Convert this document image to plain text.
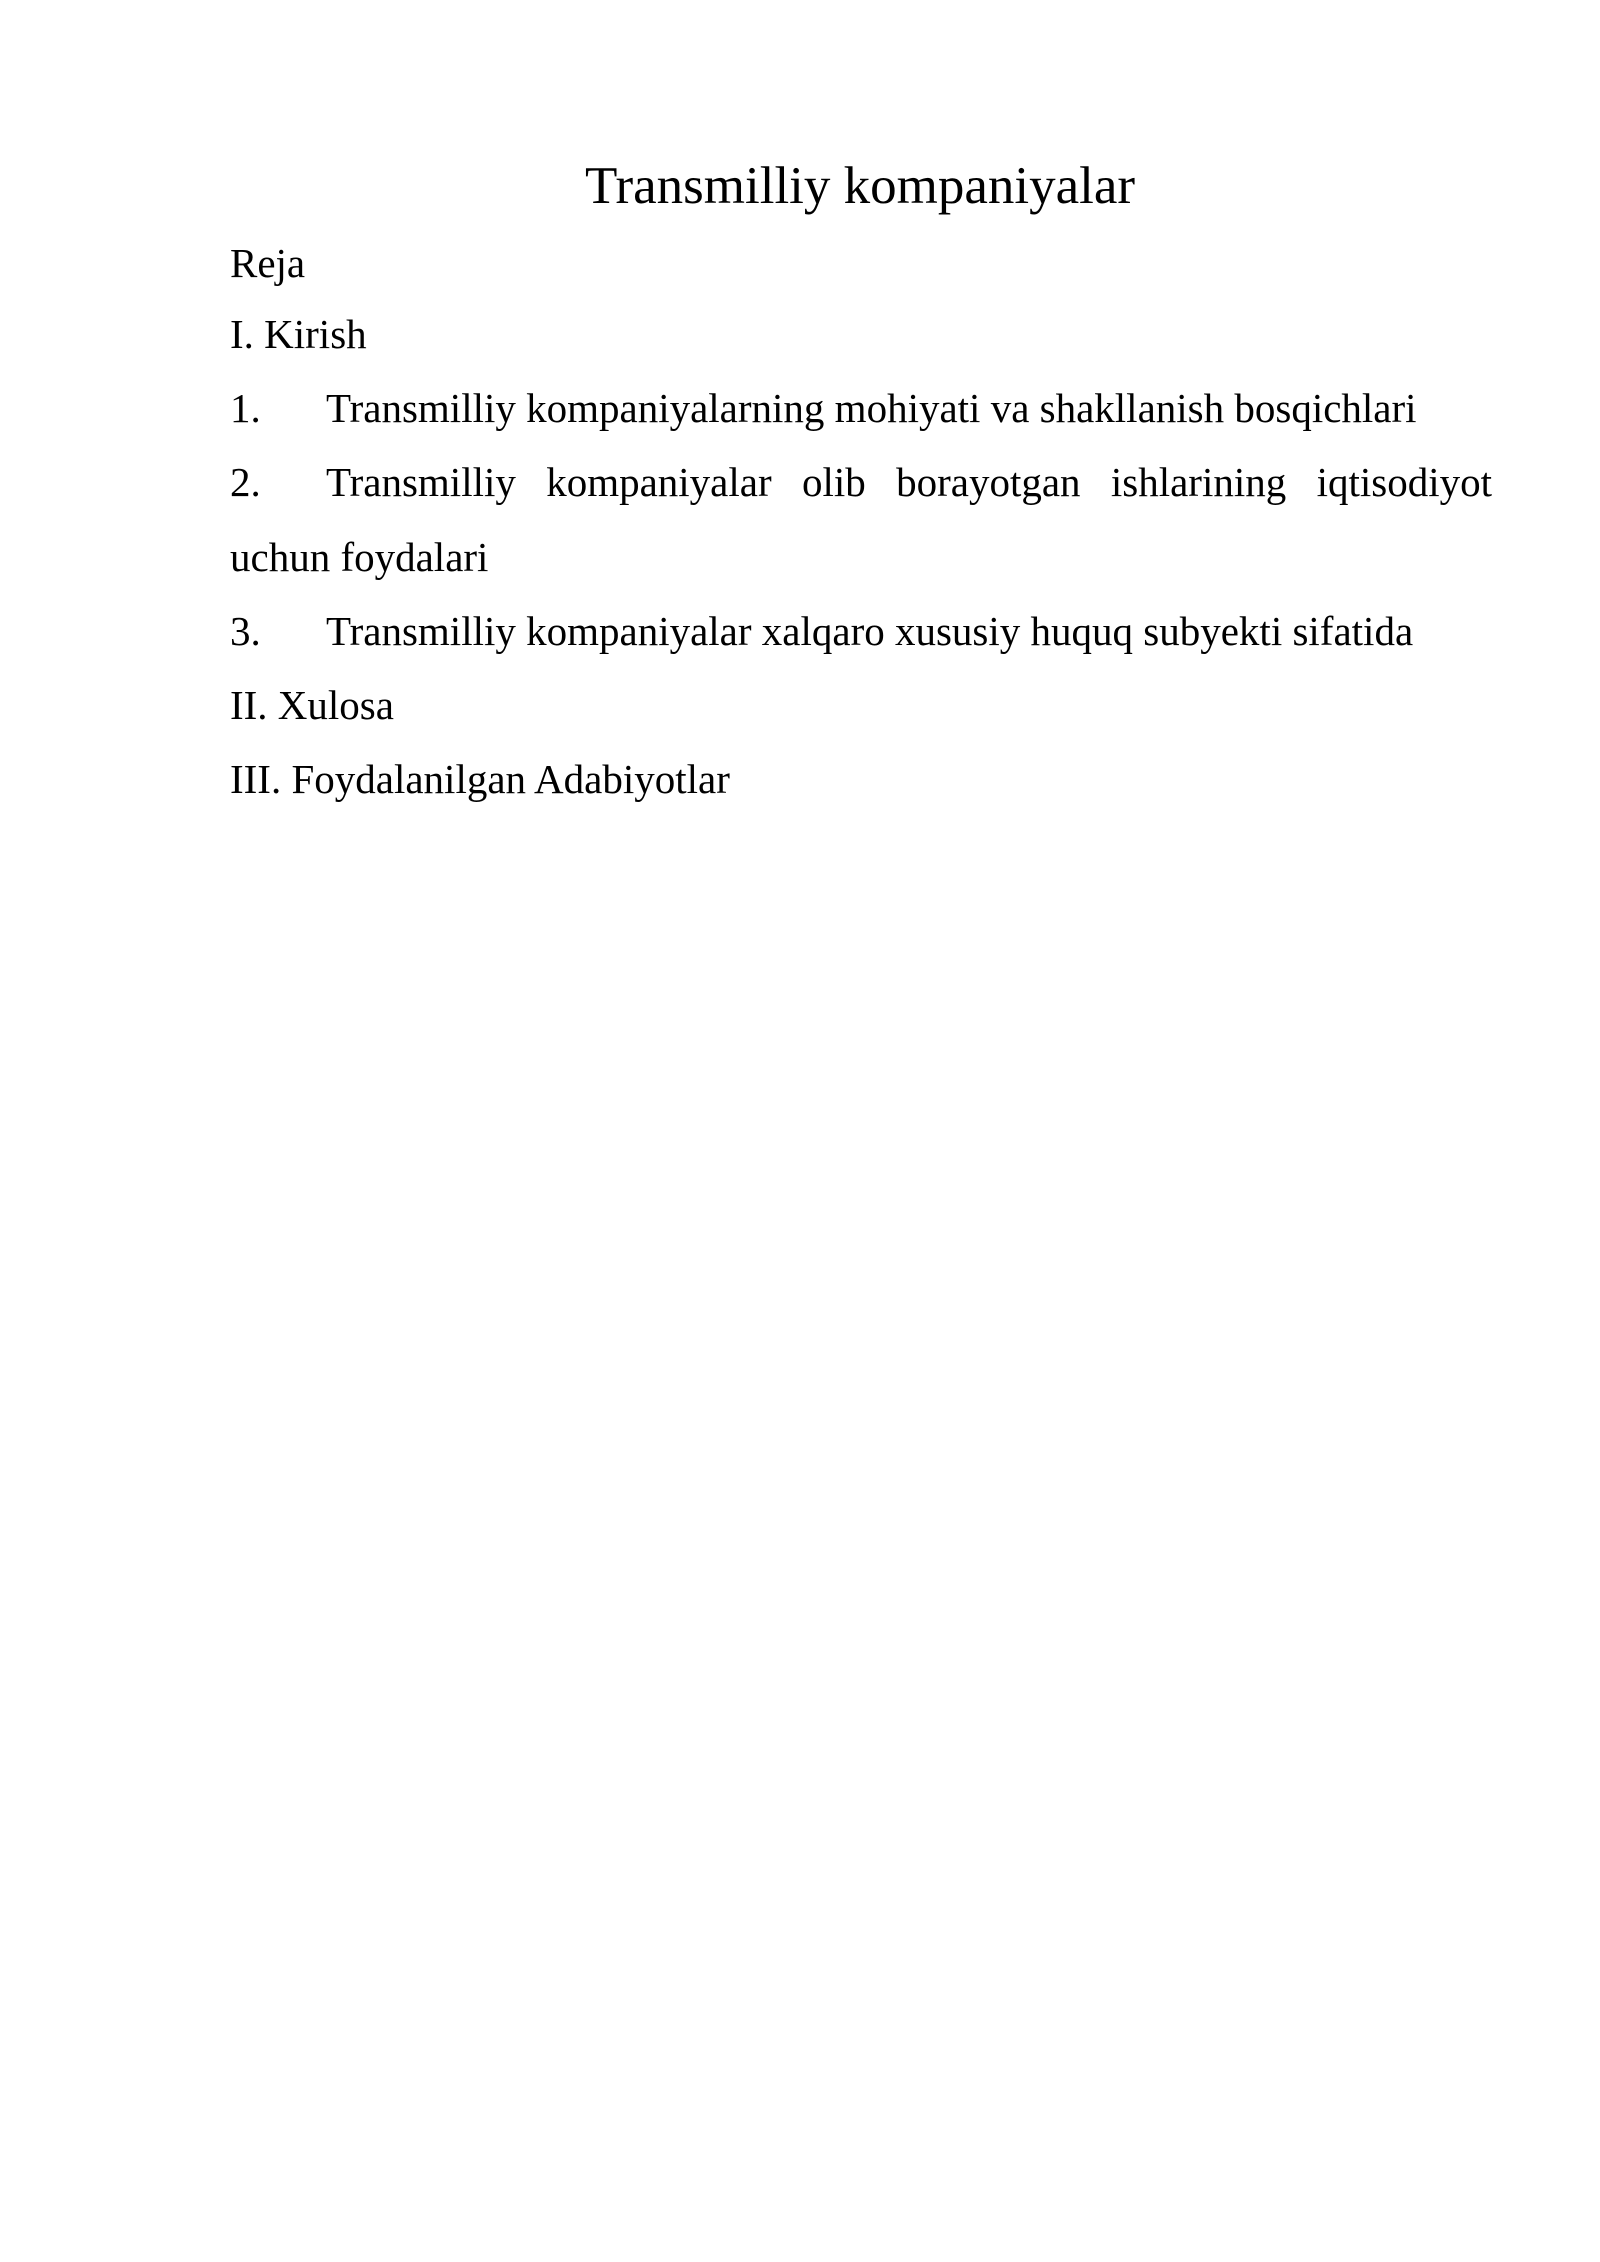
Transmilliy kompaniyalar
Reja
I. Kirish
1. Transmilliy kompaniyalarning mohiyati va shakllanish bosqichlari
2. Transmilliy kompaniyalar olib borayotgan ishlarining iqtisodiyot
uchun foydalari
3. Transmilliy kompaniyalar xalqaro xususiy huquq subyekti sifatida
II. Xulosa
III. Foydalanilgan Adabiyotlar
